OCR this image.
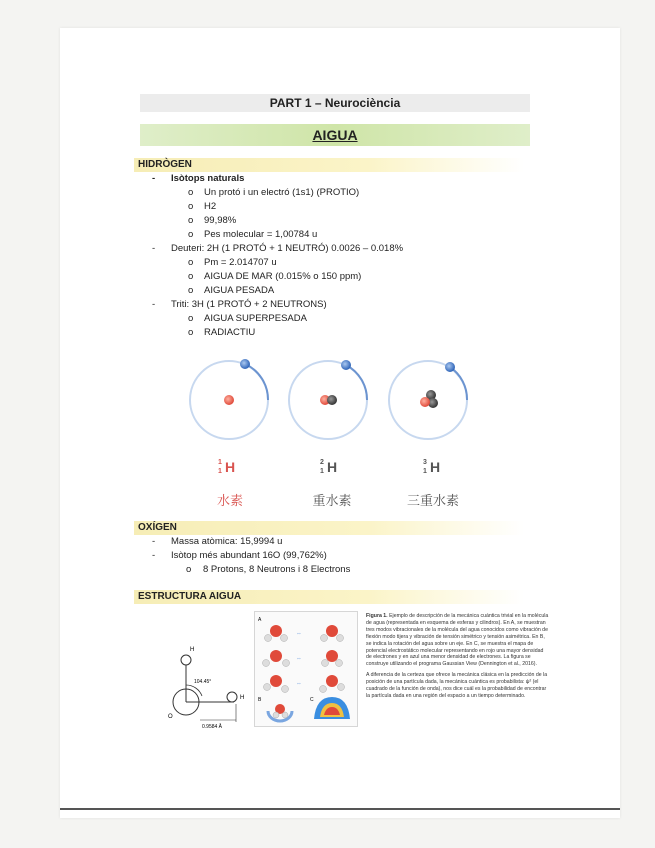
PART 1 – Neurociència
AIGUA
HIDRÒGEN
- Isòtops naturals
o Un protó i un electró (1s1) (PROTIO)
o H2
o 99,98%
o Pes molecular = 1,00784 u
- Deuteri: 2H (1 PROTÓ + 1 NEUTRÓ) 0.0026 – 0.018%
o Pm = 2.014707 u
o AIGUA DE MAR (0.015% o 150 ppm)
o AIGUA PESADA
- Triti: 3H (1 PROTÓ + 2 NEUTRONS)
o AIGUA SUPERPESADA
o RADIACTIU
1
1 H	2
1 H	3
1 H
水素	重水素	三重水素
OXÍGEN
- Massa atòmica: 15,9994 u
- Isòtop més abundant 16O (99,762%)
o 8 Protons, 8 Neutrons i 8 Electrons
ESTRUCTURA AIGUA
104.45°
0.9584 Å
H
H
O
A
⇔
⇔
⇔
B	C

Figura 1. Ejemplo de descripción de la mecánica cuántica trivial en la molécula de agua (representada en esquema de esferas y cilindros). En A, se muestran tres modos vibracionales de la molécula del agua conocidos como vibración de flexión modo tijera y vibración de tensión simétrico y tensión asimétrica. En B, se indica la rotación del agua sobre un eje. En C, se muestra el mapa de potencial electrostático molecular representando en rojo una mayor densidad de electrones y en azul una menor densidad de electrones. La figura se construye utilizando el programa Gaussian View (Dennington et al., 2016).

A diferencia de la certeza que ofrece la mecánica clásica en la predicción de la posición de una partícula dada, la mecánica cuántica es probabilista: ψ² (el cuadrado de la función de onda), nos dice cuál es la probabilidad de encontrar la partícula dada en una región del espacio a un tiempo determinado.
